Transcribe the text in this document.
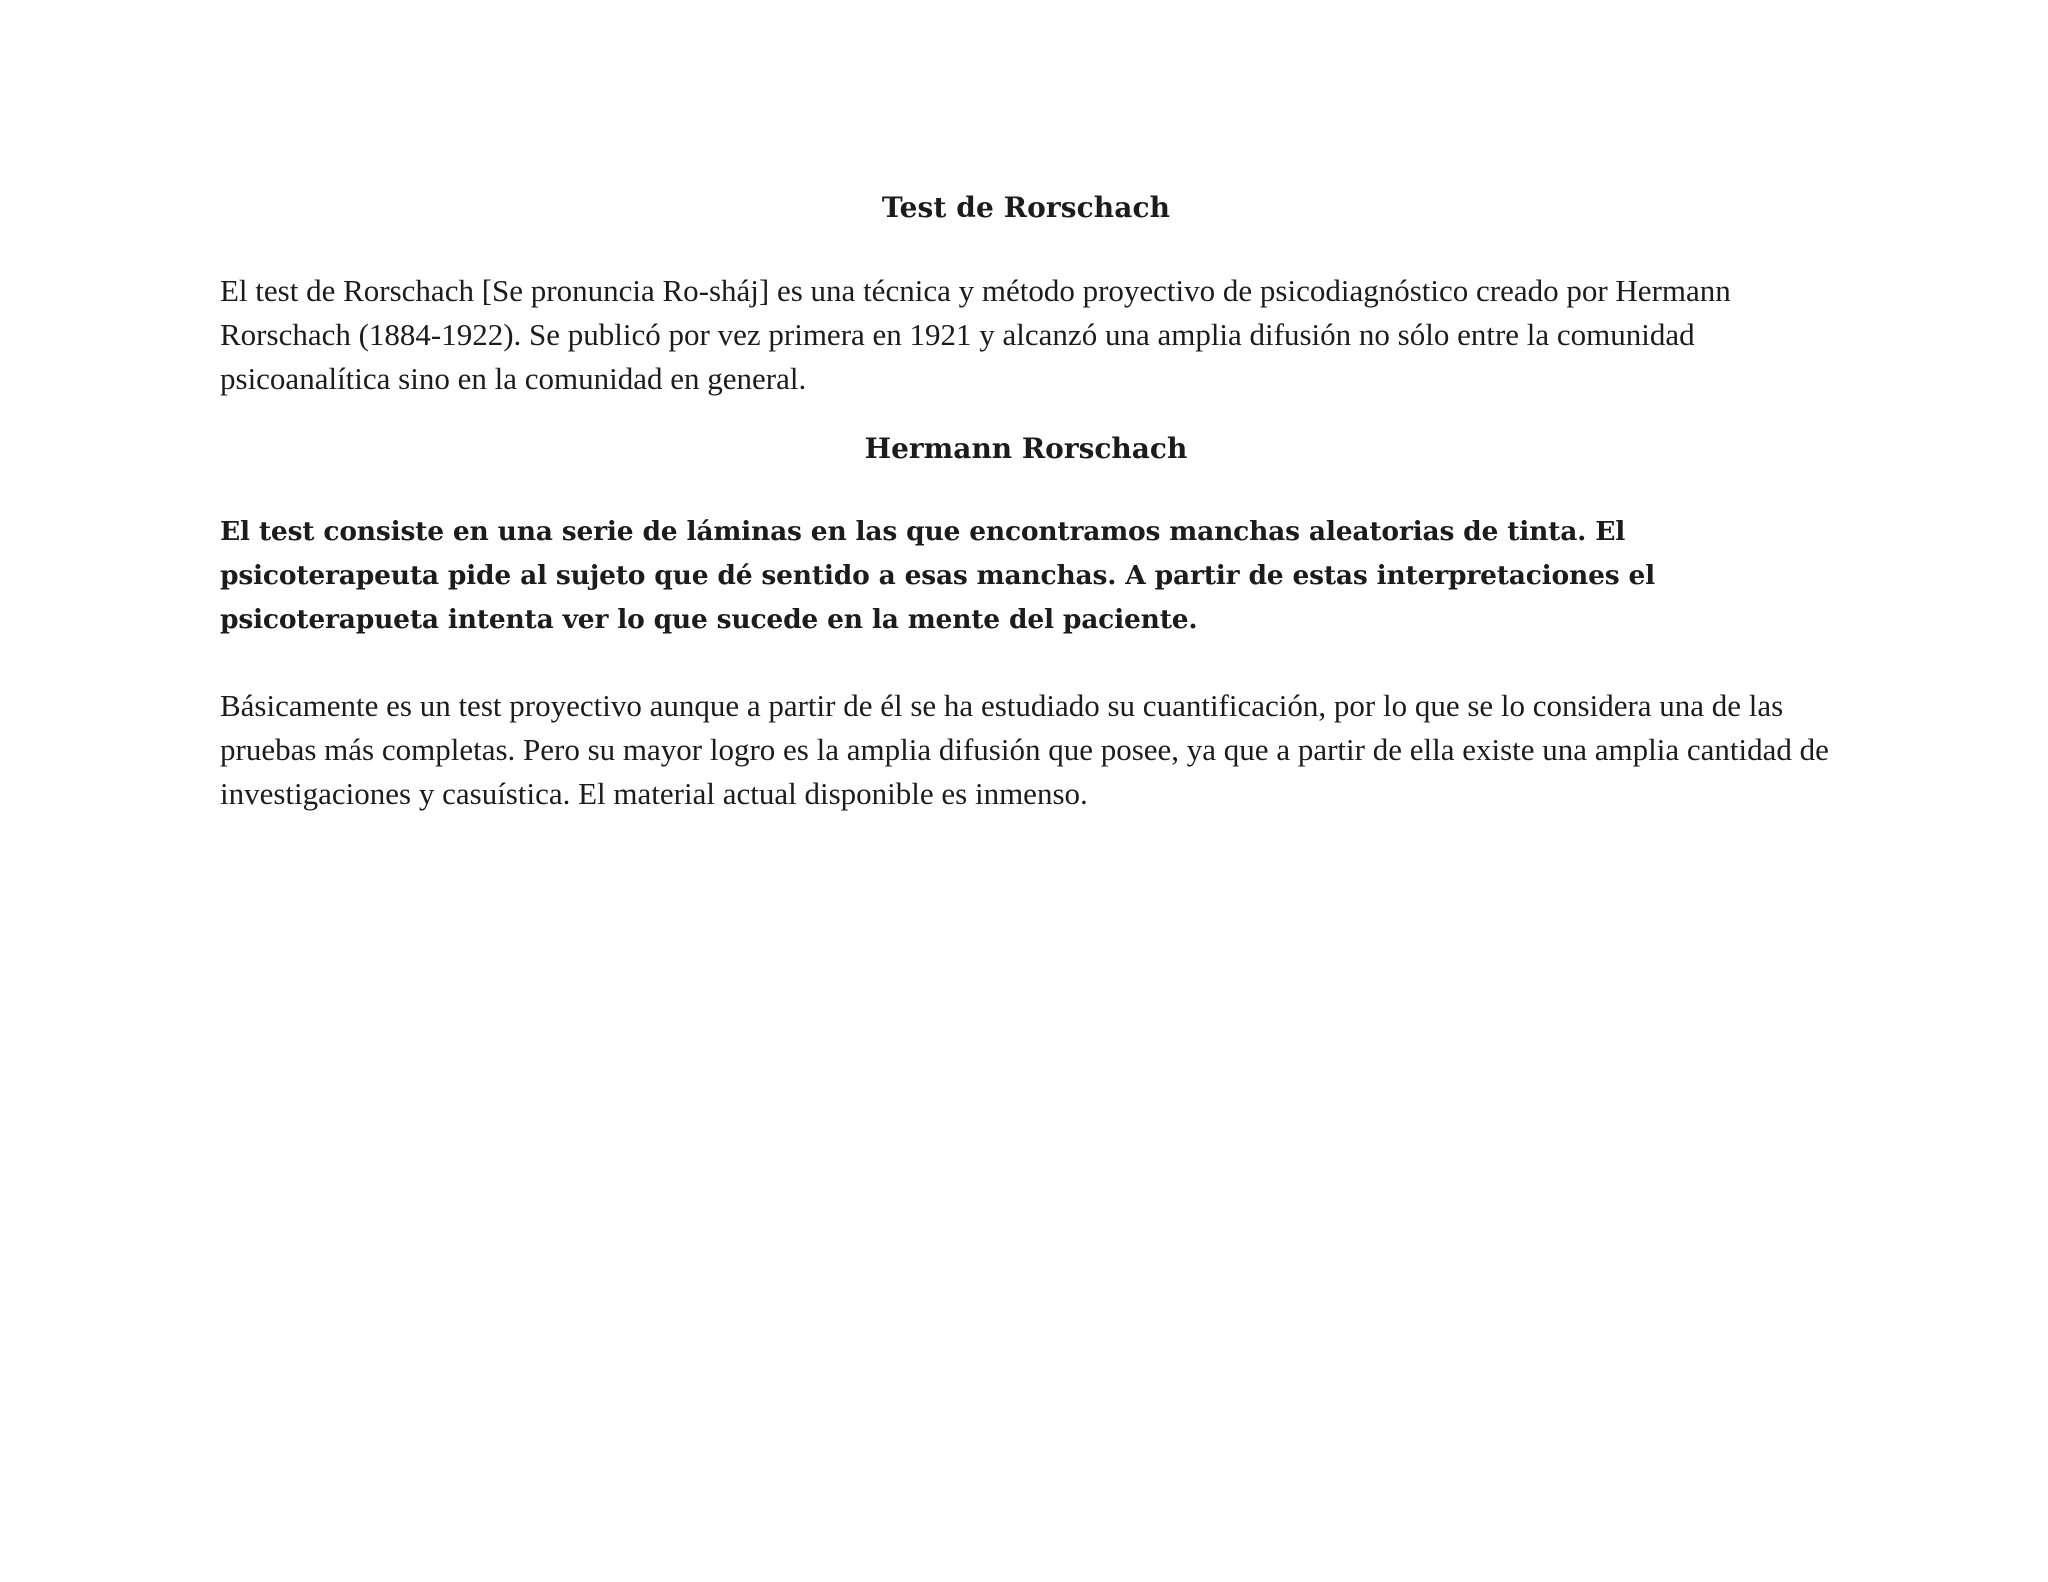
Test de Rorschach

El test de Rorschach [Se pronuncia Ro-sháj] es una técnica y método proyectivo de psicodiagnóstico creado por Hermann Rorschach (1884-1922). Se publicó por vez primera en 1921 y alcanzó una amplia difusión no sólo entre la comunidad psicoanalítica sino en la comunidad en general.

Hermann Rorschach

El test consiste en una serie de láminas en las que encontramos manchas aleatorias de tinta. El psicoterapeuta pide al sujeto que dé sentido a esas manchas. A partir de estas interpretaciones el psicoterapueta intenta ver lo que sucede en la mente del paciente.

Básicamente es un test proyectivo aunque a partir de él se ha estudiado su cuantificación, por lo que se lo considera una de las pruebas más completas. Pero su mayor logro es la amplia difusión que posee, ya que a partir de ella existe una amplia cantidad de investigaciones y casuística. El material actual disponible es inmenso.
